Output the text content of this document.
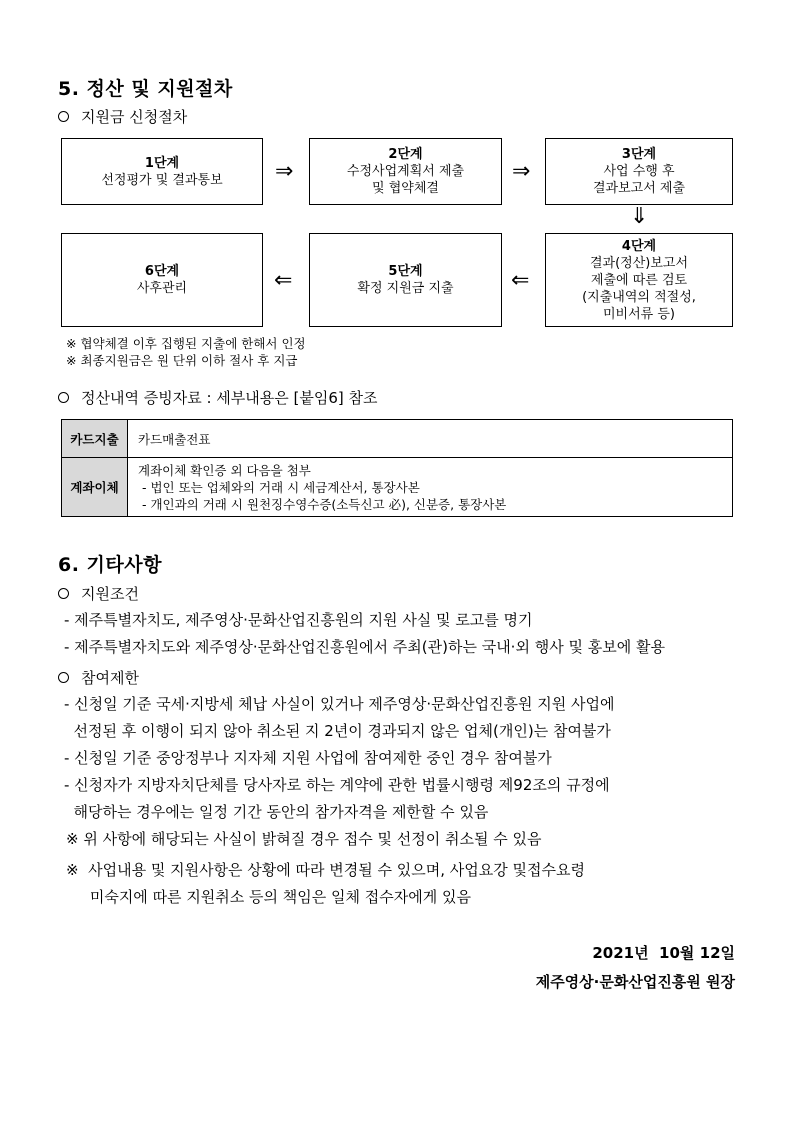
5. 정산 및 지원절차
지원금 신청절차
1단계
선정평가 및 결과통보 ⇒
2단계
수정사업계획서 제출
및 협약체결
⇒
3단계
사업 수행 후
결과보고서 제출
⇓
6단계
사후관리	⇐	5단계
확정 지원금 지출	⇐
4단계
결과(정산)보고서
제출에 따른 검토
(지출내역의 적절성,
미비서류 등)
※ 협약체결 이후 집행된 지출에 한해서 인정
※ 최종지원금은 원 단위 이하 절사 후 지급
정산내역 증빙자료 : 세부내용은 [붙임6] 참조
카드지출	카드매출전표

계좌이체	계좌이체 확인증 외 다음을 첨부
- 법인 또는 업체와의 거래 시 세금계산서, 통장사본
- 개인과의 거래 시 원천징수영수증(소득신고 必), 신분증, 통장사본
6. 기타사항
지원조건
- 제주특별자치도, 제주영상·문화산업진흥원의 지원 사실 및 로고를 명기
- 제주특별자치도와 제주영상·문화산업진흥원에서 주최(관)하는 국내·외 행사 및 홍보에 활용
참여제한
- 신청일 기준 국세·지방세 체납 사실이 있거나 제주영상·문화산업진흥원 지원 사업에
선정된 후 이행이 되지 않아 취소된 지 2년이 경과되지 않은 업체(개인)는 참여불가
- 신청일 기준 중앙정부나 지자체 지원 사업에 참여제한 중인 경우 참여불가
- 신청자가 지방자치단체를 당사자로 하는 계약에 관한 법률시행령 제92조의 규정에
해당하는 경우에는 일정 기간 동안의 참가자격을 제한할 수 있음
※ 위 사항에 해당되는 사실이 밝혀질 경우 접수 및 선정이 취소될 수 있음
※  사업내용 및 지원사항은 상황에 따라 변경될 수 있으며, 사업요강 및접수요령
미숙지에 따른 지원취소 등의 책임은 일체 접수자에게 있음
2021년  10월 12일
제주영상·문화산업진흥원 원장
